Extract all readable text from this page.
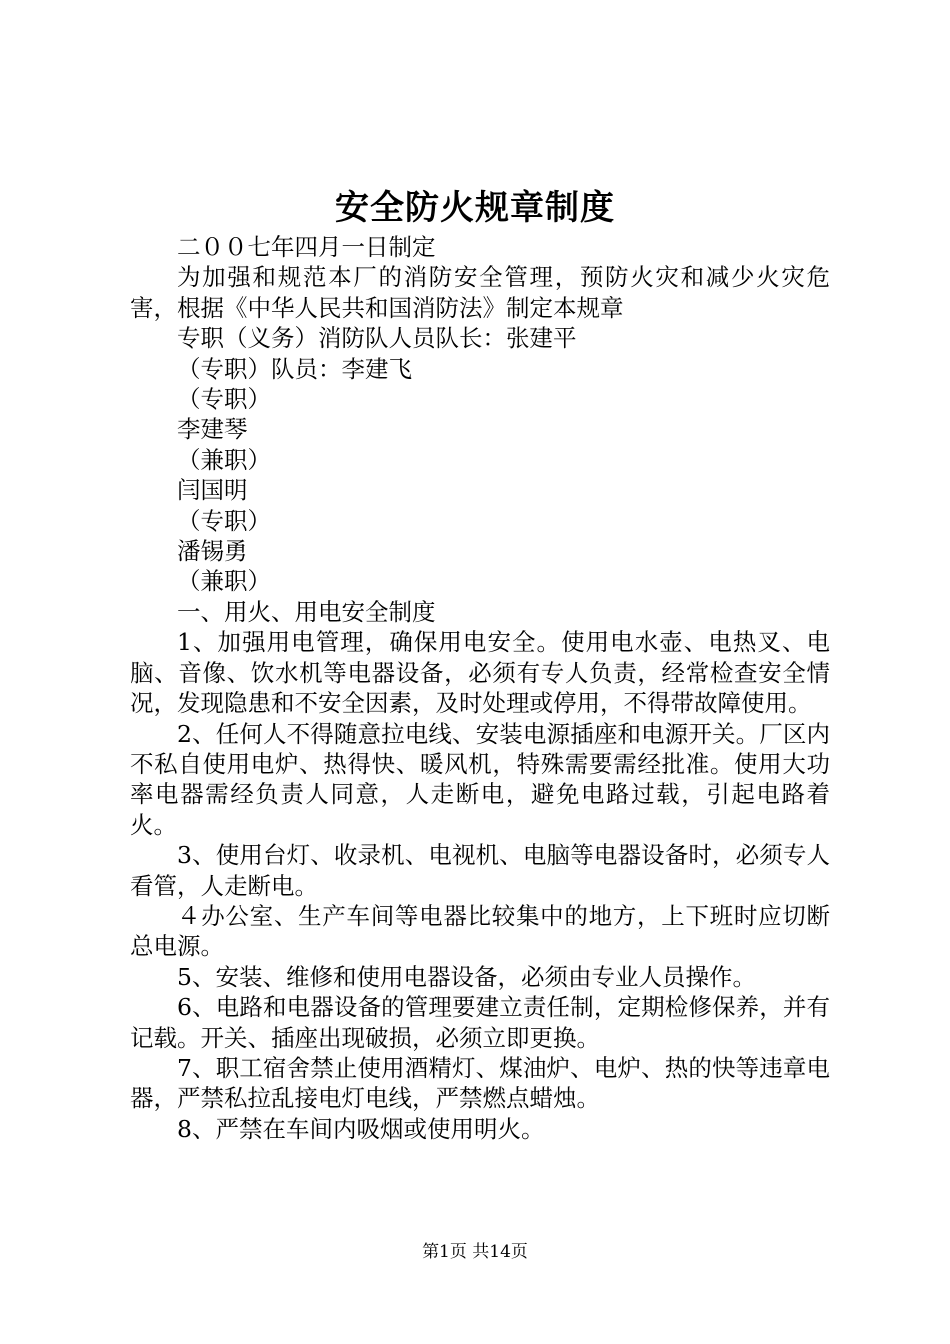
安全防火规章制度

二００七年四月一日制定

为加强和规范本厂的消防安全管理，预防火灾和减少火灾危害，根据《中华人民共和国消防法》制定本规章

专职（义务）消防队人员队长：张建平

（专职）队员：李建飞

（专职）

李建琴

（兼职）

闫国明

（专职）

潘锡勇

（兼职）

一、用火、用电安全制度

1、加强用电管理，确保用电安全。使用电水壶、电热叉、电脑、音像、饮水机等电器设备，必须有专人负责，经常检查安全情况，发现隐患和不安全因素，及时处理或停用，不得带故障使用。

2、任何人不得随意拉电线、安装电源插座和电源开关。厂区内不私自使用电炉、热得快、暖风机，特殊需要需经批准。使用大功率电器需经负责人同意，人走断电，避免电路过载，引起电路着火。

3、使用台灯、收录机、电视机、电脑等电器设备时，必须专人看管，人走断电。

４办公室、生产车间等电器比较集中的地方，上下班时应切断总电源。

5、安装、维修和使用电器设备，必须由专业人员操作。

6、电路和电器设备的管理要建立责任制，定期检修保养，并有记载。开关、插座出现破损，必须立即更换。

7、职工宿舍禁止使用酒精灯、煤油炉、电炉、热的快等违章电器，严禁私拉乱接电灯电线，严禁燃点蜡烛。

8、严禁在车间内吸烟或使用明火。

第1页 共14页
